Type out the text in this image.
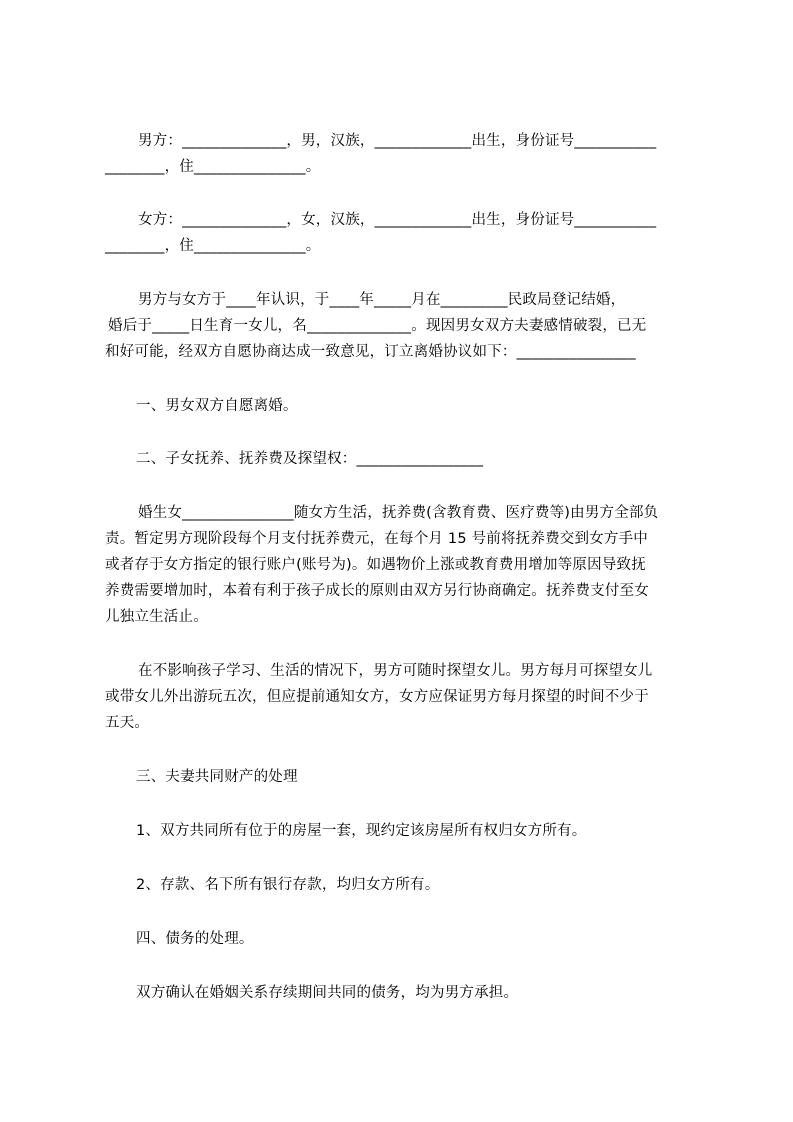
男方：______________，男，汉族，_____________出生，身份证号___________
________，住_______________。
女方：______________，女，汉族，_____________出生，身份证号___________
________，住_______________。
男方与女方于____年认识，于____年_____月在_________民政局登记结婚，
婚后于_____日生育一女儿，名______________。现因男女双方夫妻感情破裂，已无
和好可能，经双方自愿协商达成一致意见，订立离婚协议如下：________________
一、男女双方自愿离婚。
二、子女抚养、抚养费及探望权：_________________
婚生女_______________随女方生活，抚养费(含教育费、医疗费等)由男方全部负
责。暂定男方现阶段每个月支付抚养费元，在每个月 15 号前将抚养费交到女方手中
或者存于女方指定的银行账户(账号为)。如遇物价上涨或教育费用增加等原因导致抚
养费需要增加时，本着有利于孩子成长的原则由双方另行协商确定。抚养费支付至女
儿独立生活止。
在不影响孩子学习、生活的情况下，男方可随时探望女儿。男方每月可探望女儿
或带女儿外出游玩五次，但应提前通知女方，女方应保证男方每月探望的时间不少于
五天。
三、夫妻共同财产的处理
1、双方共同所有位于的房屋一套，现约定该房屋所有权归女方所有。
2、存款、名下所有银行存款，均归女方所有。
四、债务的处理。
双方确认在婚姻关系存续期间共同的债务，均为男方承担。
